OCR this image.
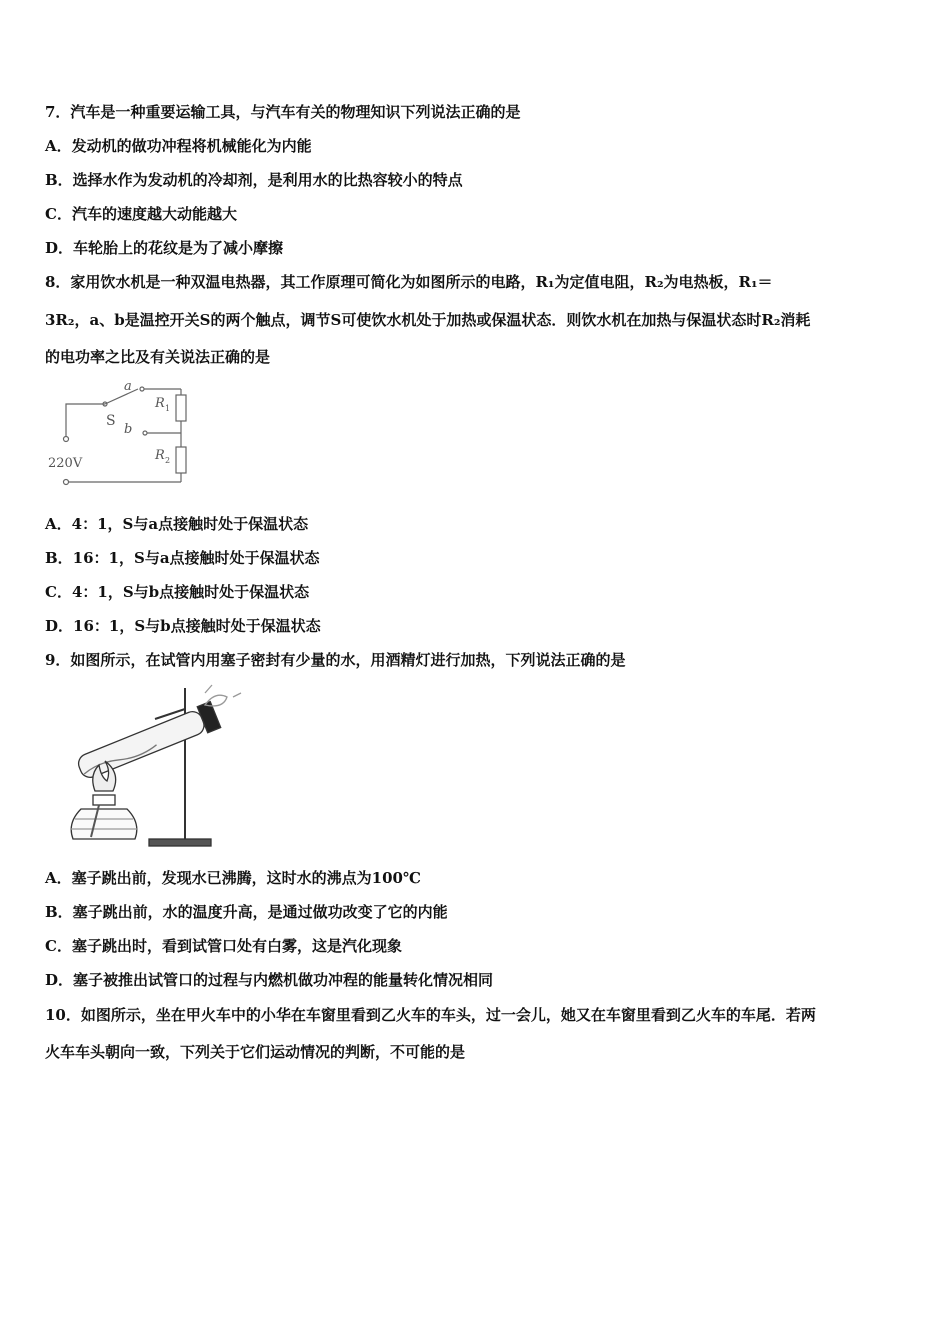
7．汽车是一种重要运输工具，与汽车有关的物理知识下列说法正确的是
A．发动机的做功冲程将机械能化为内能
B．选择水作为发动机的冷却剂，是利用水的比热容较小的特点
C．汽车的速度越大动能越大
D．车轮胎上的花纹是为了减小摩擦
8．家用饮水机是一种双温电热器，其工作原理可简化为如图所示的电路，R₁为定值电阻，R₂为电热板，R₁＝
3R₂，a、b是温控开关S的两个触点，调节S可使饮水机处于加热或保温状态．则饮水机在加热与保温状态时R₂消耗
的电功率之比及有关说法正确的是
a
S
b
R 1
R 2
220V
A．4：1，S与a点接触时处于保温状态
B．16：1，S与a点接触时处于保温状态
C．4：1，S与b点接触时处于保温状态
D．16：1，S与b点接触时处于保温状态
9．如图所示，在试管内用塞子密封有少量的水，用酒精灯进行加热，下列说法正确的是
A．塞子跳出前，发现水已沸腾，这时水的沸点为100℃
B．塞子跳出前，水的温度升高，是通过做功改变了它的内能
C．塞子跳出时，看到试管口处有白雾，这是汽化现象
D．塞子被推出试管口的过程与内燃机做功冲程的能量转化情况相同
10．如图所示，坐在甲火车中的小华在车窗里看到乙火车的车头，过一会儿，她又在车窗里看到乙火车的车尾．若两
火车车头朝向一致，下列关于它们运动情况的判断，不可能的是
